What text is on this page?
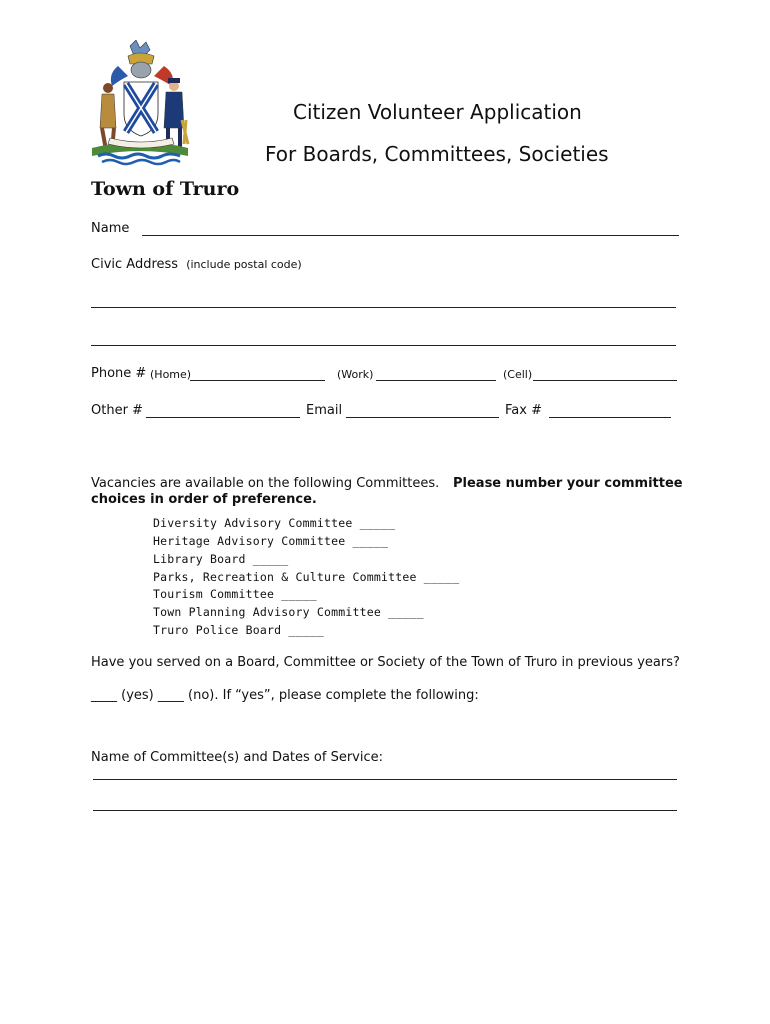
Citizen Volunteer Application
For Boards, Committees, Societies
Town of Truro
Name
Civic Address (include postal code)
Phone # (Home)	(Work)	(Cell)
Other #	Email	Fax #
Vacancies are available on the following Committees. Please number your committee
choices in order of preference.
Diversity Advisory Committee _____
Heritage Advisory Committee _____
Library Board _____
Parks, Recreation & Culture Committee _____
Tourism Committee _____
Town Planning Advisory Committee _____
Truro Police Board _____
Have you served on a Board, Committee or Society of the Town of Truro in previous years?
____ (yes) ____ (no). If “yes”, please complete the following:
Name of Committee(s) and Dates of Service:
